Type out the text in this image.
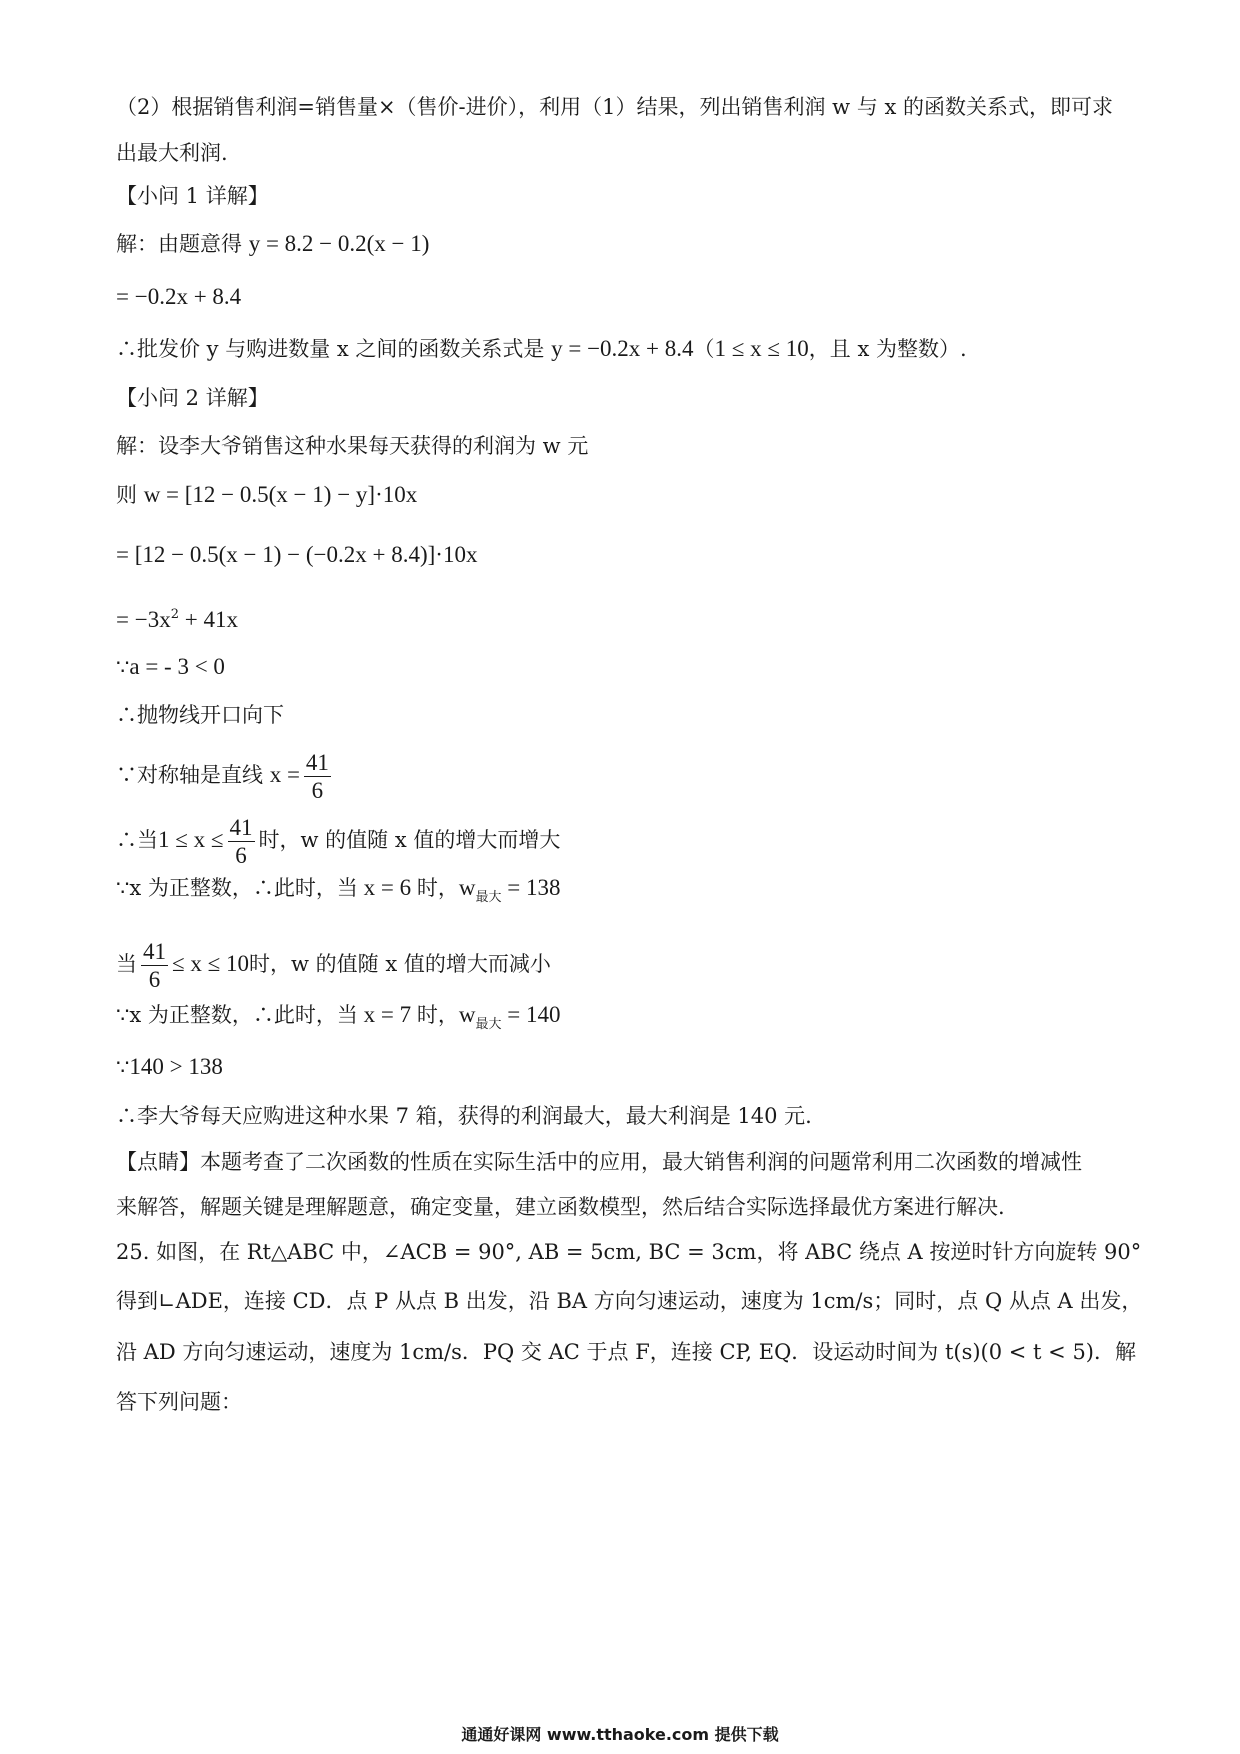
（2）根据销售利润=销售量×（售价-进价），利用（1）结果，列出销售利润 w 与 x 的函数关系式，即可求
出最大利润.
【小问 1 详解】
解：由题意得 y = 8.2 − 0.2(x − 1)
= −0.2x + 8.4
∴批发价 y 与购进数量 x 之间的函数关系式是 y = −0.2x + 8.4（1 ≤ x ≤ 10，且 x 为整数）.
【小问 2 详解】
解：设李大爷销售这种水果每天获得的利润为 w 元
则 w = [12 − 0.5(x − 1) − y]·10x
= [12 − 0.5(x − 1) − (−0.2x + 8.4)]·10x
= $-3x^2 + 41x$
∵a = - 3 < 0
∴抛物线开口向下
∵对称轴是直线 $x = \frac{41}{6}$
∴当$1 \le x \le \frac{41}{6}$ 时，w 的值随 x 值的增大而增大
∵x 为正整数，∴此时，当 x = 6 时，$w_{最大} = 138$
当 $\frac{41}{6} \le x \le 10$时，w 的值随 x 值的增大而减小
∵x 为正整数，∴此时，当 x = 7 时，$w_{最大} = 140$
∵140 > 138
∴李大爷每天应购进这种水果 7 箱，获得的利润最大，最大利润是 140 元.
【点睛】本题考查了二次函数的性质在实际生活中的应用，最大销售利润的问题常利用二次函数的增减性
来解答，解题关键是理解题意，确定变量，建立函数模型，然后结合实际选择最优方案进行解决.
25. 如图，在 Rt△ABC 中，∠ACB = 90°, AB = 5cm, BC = 3cm，将 ABC 绕点 A 按逆时针方向旋转 90°
得到∟ADE，连接 CD．点 P 从点 B 出发，沿 BA 方向匀速运动，速度为 1cm/s；同时，点 Q 从点 A 出发，
沿 AD 方向匀速运动，速度为 1cm/s．PQ 交 AC 于点 F，连接 CP, EQ．设运动时间为 t(s)(0 < t < 5)．解
答下列问题：
通通好课网 www.tthaoke.com 提供下载
